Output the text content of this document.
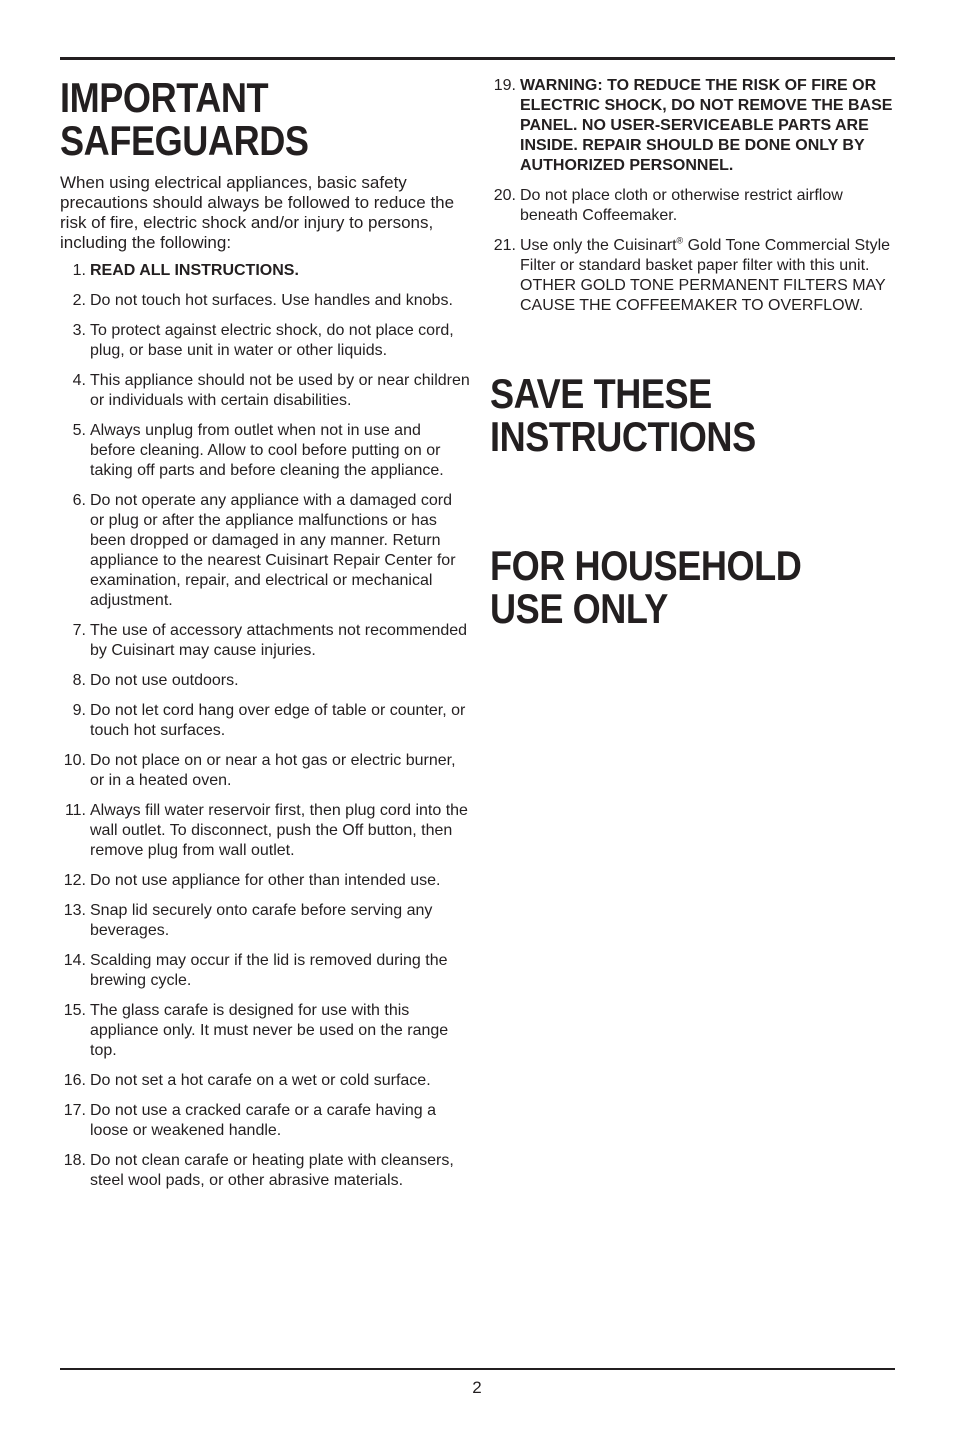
IMPORTANT
SAFEGUARDS

When using electrical appliances, basic safety precautions should always be followed to reduce the risk of fire, electric shock and/or injury to persons, including the following:

1. READ ALL INSTRUCTIONS.
2. Do not touch hot surfaces. Use handles and knobs.
3. To protect against electric shock, do not place cord, plug, or base unit in water or other liquids.
4. This appliance should not be used by or near children or individuals with certain disabilities.
5. Always unplug from outlet when not in use and before cleaning. Allow to cool before putting on or taking off parts and before cleaning the appliance.
6. Do not operate any appliance with a damaged cord or plug or after the appliance malfunctions or has been dropped or damaged in any manner. Return appliance to the nearest Cuisinart Repair Center for examination, repair, and electrical or mechanical adjustment.
7. The use of accessory attachments not recommended by Cuisinart may cause injuries.
8. Do not use outdoors.
9. Do not let cord hang over edge of table or counter, or touch hot surfaces.
10. Do not place on or near a hot gas or electric burner, or in a heated oven.
11. Always fill water reservoir first, then plug cord into the wall outlet. To disconnect, push the Off button, then remove plug from wall outlet.
12. Do not use appliance for other than intended use.
13. Snap lid securely onto carafe before serving any beverages.
14. Scalding may occur if the lid is removed during the brewing cycle.
15. The glass carafe is designed for use with this appliance only. It must never be used on the range top.
16. Do not set a hot carafe on a wet or cold surface.
17. Do not use a cracked carafe or a carafe having a loose or weakened handle.
18. Do not clean carafe or heating plate with cleansers, steel wool pads, or other abrasive materials.
19. WARNING: TO REDUCE THE RISK OF FIRE OR ELECTRIC SHOCK, DO NOT REMOVE THE BASE PANEL. NO USER-SERVICEABLE PARTS ARE INSIDE. REPAIR SHOULD BE DONE ONLY BY AUTHORIZED PERSONNEL.
20. Do not place cloth or otherwise restrict airflow beneath Coffeemaker.
21. Use only the Cuisinart® Gold Tone Commercial Style Filter or standard basket paper filter with this unit. OTHER GOLD TONE PERMANENT FILTERS MAY CAUSE THE COFFEEMAKER TO OVERFLOW.
SAVE THESE
INSTRUCTIONS
FOR HOUSEHOLD
USE ONLY
2
